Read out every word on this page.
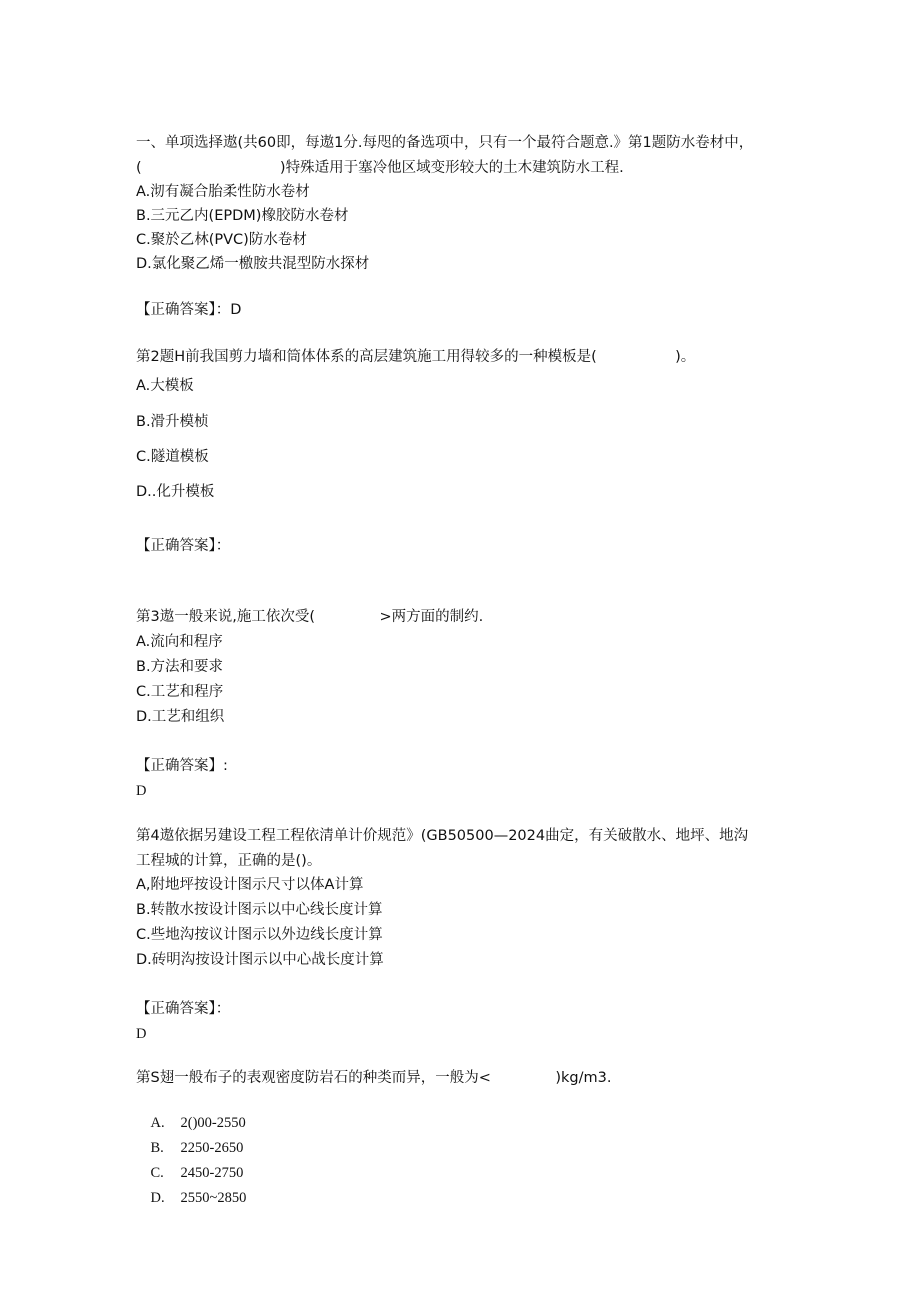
一、单项选择遨(共60即，每遨1分.每咫的备选项中，只有一个最符合题意.》第1题防水卷材中，
(                              )特殊适用于塞冷他区域变形较大的土木建筑防水工程.
A.沏有凝合胎柔性防水卷材
B.三元乙内(EPDM)橡胶防水卷材
C.聚於乙林(PVC)防水卷材
D.氯化聚乙烯一檄胺共混型防水探材
【正确答案】：D
第2题H前我国剪力墙和筒体体系的高层建筑施工用得较多的一种模板是(                 )。
A.大模板
B.滑升模桢
C.隧道模板
D..化升模板
【正确答案】：
第3遨一般来说,施工依次受(              >两方面的制约.
A.流向和程序
B.方法和要求
C.工艺和程序
D.工艺和组织
【正确答案】:
D
第4遨依据另建设工程工程依清单计价规范》(GB50500—2024曲定，有关破散水、地坪、地沟
工程城的计算，正确的是()。
A,附地坪按设计图示尺寸以体A计算
B.转散水按设计图示以中心线长度计算
C.些地沟按议计图示以外边线长度计算
D.砖明沟按设计图示以中心战长度计算
【正确答案】：
D
第S翅一般布子的表观密度防岩石的种类而异，一般为<              )kg/m3.

A. 2()00-2550

B. 2250-2650

C. 2450-2750

D. 2550~2850
